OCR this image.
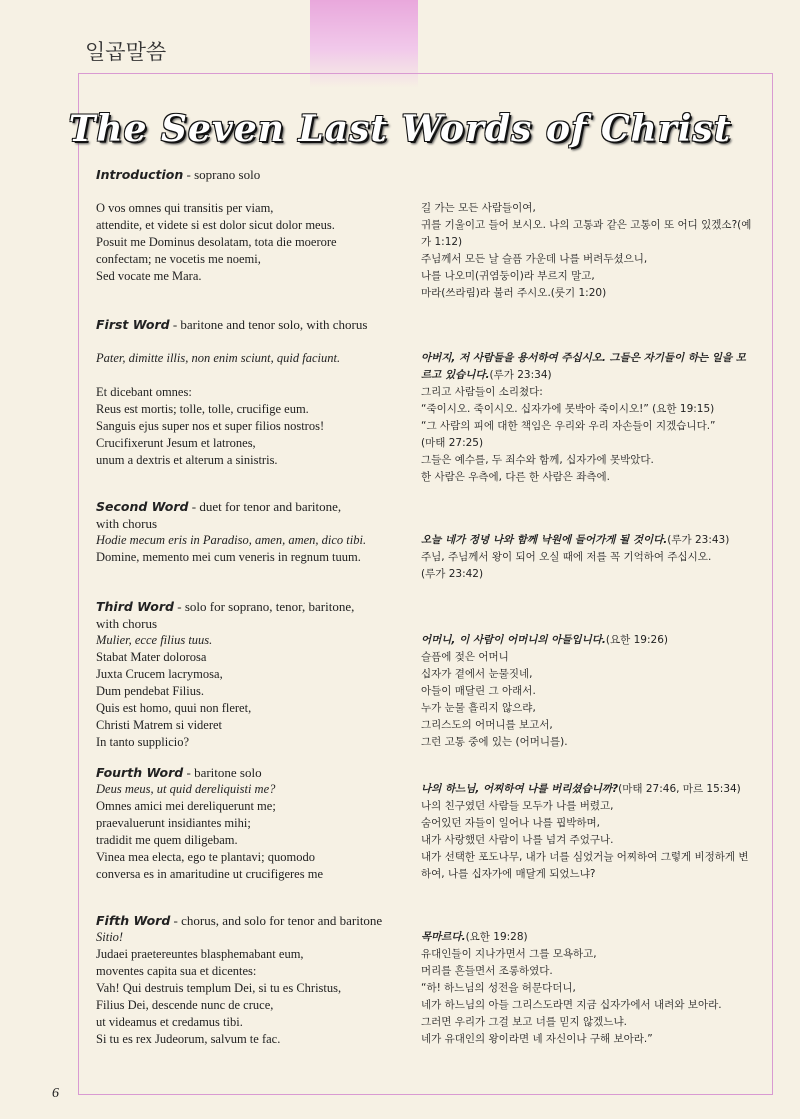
일곱말씀
The Seven Last Words of Christ
Introduction - soprano solo
O vos omnes qui transitis per viam,
attendite, et videte si est dolor sicut dolor meus.
Posuit me Dominus desolatam, tota die moerore
confectam; ne vocetis me noemi,
Sed vocate me Mara.
길 가는 모든 사람들이여,
귀를 기울이고 들어 보시오. 나의 고통과 같은 고통이 또 어디 있겠소?(예가 1:12)
주님께서 모든 날 슬픔 가운데 나를 버려두셨으니,
나를 나오미(귀염둥이)라 부르지 말고,
마라(쓰라림)라 불러 주시오.(룻기 1:20)
First Word - baritone and tenor solo, with chorus
Pater, dimitte illis, non enim sciunt, quid faciunt.
Et dicebant omnes:
Reus est mortis; tolle, tolle, crucifige eum.
Sanguis ejus super nos et super filios nostros!
Crucifixerunt Jesum et latrones,
unum a dextris et alterum a sinistris.
아버지, 저 사람들을 용서하여 주십시오. 그들은 자기들이 하는 일을 모르고 있습니다.(루가 23:34)
그리고 사람들이 소리쳤다:
“죽이시오. 죽이시오. 십자가에 못박아 죽이시오!” (요한 19:15)
“그 사람의 피에 대한 책임은 우리와 우리 자손들이 지겠습니다.”
(마태 27:25)
그들은 예수를, 두 죄수와 함께, 십자가에 못박았다.
한 사람은 우측에, 다른 한 사람은 좌측에.
Second Word - duet for tenor and baritone,
with chorus
Hodie mecum eris in Paradiso, amen, amen, dico tibi.
Domine, memento mei cum veneris in regnum tuum.
오늘 네가 정녕 나와 함께 낙원에 들어가게 될 것이다.(루가 23:43)
주님, 주님께서 왕이 되어 오실 때에 저를 꼭 기억하여 주십시오.
(루가 23:42)
Third Word - solo for soprano, tenor, baritone,
with chorus
Mulier, ecce filius tuus.
Stabat Mater dolorosa
Juxta Crucem lacrymosa,
Dum pendebat Filius.
Quis est homo, quui non fleret,
Christi Matrem si videret
In tanto supplicio?
어머니, 이 사람이 어머니의 아들입니다.(요한 19:26)
슬픔에 젖은 어머니
십자가 곁에서 눈물짓네,
아들이 매달린 그 아래서.
누가 눈물 흘리지 않으랴,
그리스도의 어머니를 보고서,
그런 고통 중에 있는 (어머니를).
Fourth Word - baritone solo
Deus meus, ut quid dereliquisti me?
Omnes amici mei dereliquerunt me;
praevaluerunt insidiantes mihi;
tradidit me quem diligebam.
Vinea mea electa, ego te plantavi; quomodo
conversa es in amaritudine ut crucifigeres me
나의 하느님, 어찌하여 나를 버리셨습니까?(마태 27:46, 마르 15:34)
나의 친구였던 사람들 모두가 나를 버렸고,
숨어있던 자들이 일어나 나를 핍박하며,
내가 사랑했던 사람이 나를 넘겨 주었구나.
내가 선택한 포도나무, 내가 너를 심었거늘 어찌하여 그렇게 비정하게 변하여, 나를 십자가에 매달게 되었느냐?
Fifth Word - chorus, and solo for tenor and baritone
Sitio!
Judaei praetereuntes blasphemabant eum,
moventes capita sua et dicentes:
Vah! Qui destruis templum Dei, si tu es Christus,
Filius Dei, descende nunc de cruce,
ut videamus et credamus tibi.
Si tu es rex Judeorum, salvum te fac.
목마르다.(요한 19:28)
유대인들이 지나가면서 그를 모욕하고,
머리를 흔들면서 조롱하였다.
“하! 하느님의 성전을 허문다더니,
네가 하느님의 아들 그리스도라면 지금 십자가에서 내려와 보아라.
그러면 우리가 그걸 보고 너를 믿지 않겠느냐.
네가 유대인의 왕이라면 네 자신이나 구해 보아라.”
6
